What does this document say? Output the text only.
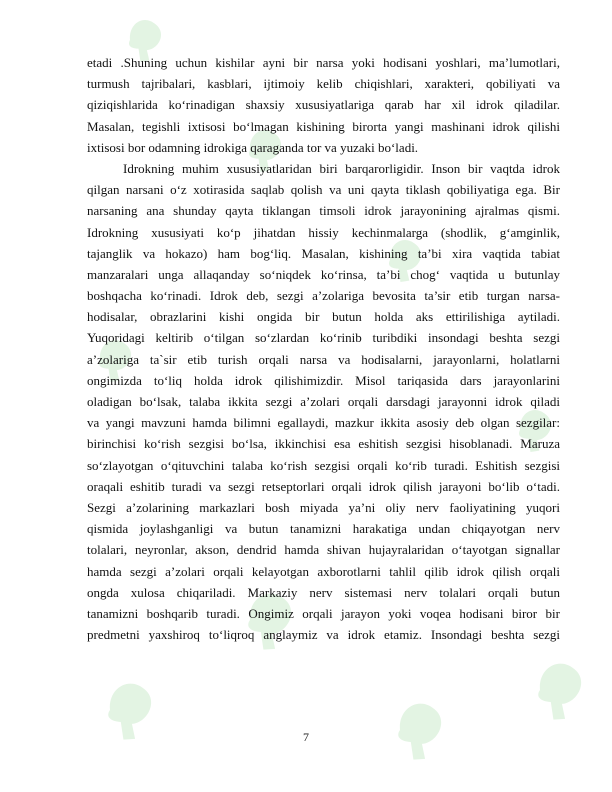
etadi .Shuning uchun kishilar ayni bir narsa yoki hodisani yoshlari, ma’lumotlari,
turmush tajribalari, kasblari, ijtimoiy kelib chiqishlari, xarakteri, qobiliyati va
qiziqishlarida ko‘rinadigan shaxsiy xususiyatlariga qarab har xil idrok qiladilar.
Masalan, tegishli ixtisosi bo‘lmagan kishining birorta yangi mashinani idrok qilishi
ixtisosi bor odamning idrokiga qaraganda tor va yuzaki bo‘ladi.
Idrokning muhim xususiyatlaridan biri barqarorligidir. Inson bir vaqtda idrok
qilgan narsani o‘z xotirasida saqlab qolish va uni qayta tiklash qobiliyatiga ega. Bir
narsaning ana shunday qayta tiklangan timsoli idrok jarayonining ajralmas qismi.
Idrokning xususiyati ko‘p jihatdan hissiy kechinmalarga (shodlik, g‘amginlik,
tajanglik va hokazo) ham bog‘liq. Masalan, kishining ta’bi xira vaqtida tabiat
manzaralari unga allaqanday so‘niqdek ko‘rinsa, ta’bi chog‘ vaqtida u butunlay
boshqacha ko‘rinadi. Idrok deb, sezgi a’zolariga bevosita ta’sir etib turgan narsa-
hodisalar, obrazlarini kishi ongida bir butun holda aks ettirilishiga aytiladi.
Yuqoridagi keltirib o‘tilgan so‘zlardan ko‘rinib turibdiki insondagi beshta sezgi
a’zolariga ta`sir etib turish orqali narsa va hodisalarni, jarayonlarni, holatlarni
ongimizda to‘liq holda idrok qilishimizdir. Misol tariqasida dars jarayonlarini
oladigan bo‘lsak, talaba ikkita sezgi a’zolari orqali darsdagi jarayonni idrok qiladi
va yangi mavzuni hamda bilimni egallaydi, mazkur ikkita asosiy deb olgan sezgilar:
birinchisi ko‘rish sezgisi bo‘lsa, ikkinchisi esa eshitish sezgisi hisoblanadi. Maruza
so‘zlayotgan o‘qituvchini talaba ko‘rish sezgisi orqali ko‘rib turadi. Eshitish sezgisi
oraqali eshitib turadi va sezgi retseptorlari orqali idrok qilish jarayoni bo‘lib o‘tadi.
Sezgi a’zolarining markazlari bosh miyada ya’ni oliy nerv faoliyatining yuqori
qismida joylashganligi va butun tanamizni harakatiga undan chiqayotgan nerv
tolalari, neyronlar, akson, dendrid hamda shivan hujayralaridan o‘tayotgan signallar
hamda sezgi a’zolari orqali kelayotgan axborotlarni tahlil qilib idrok qilish orqali
ongda xulosa chiqariladi. Markaziy nerv sistemasi nerv tolalari orqali butun
tanamizni boshqarib turadi. Ongimiz orqali jarayon yoki voqea hodisani biror bir
predmetni yaxshiroq to‘liqroq anglaymiz va idrok etamiz. Insondagi beshta sezgi
7
